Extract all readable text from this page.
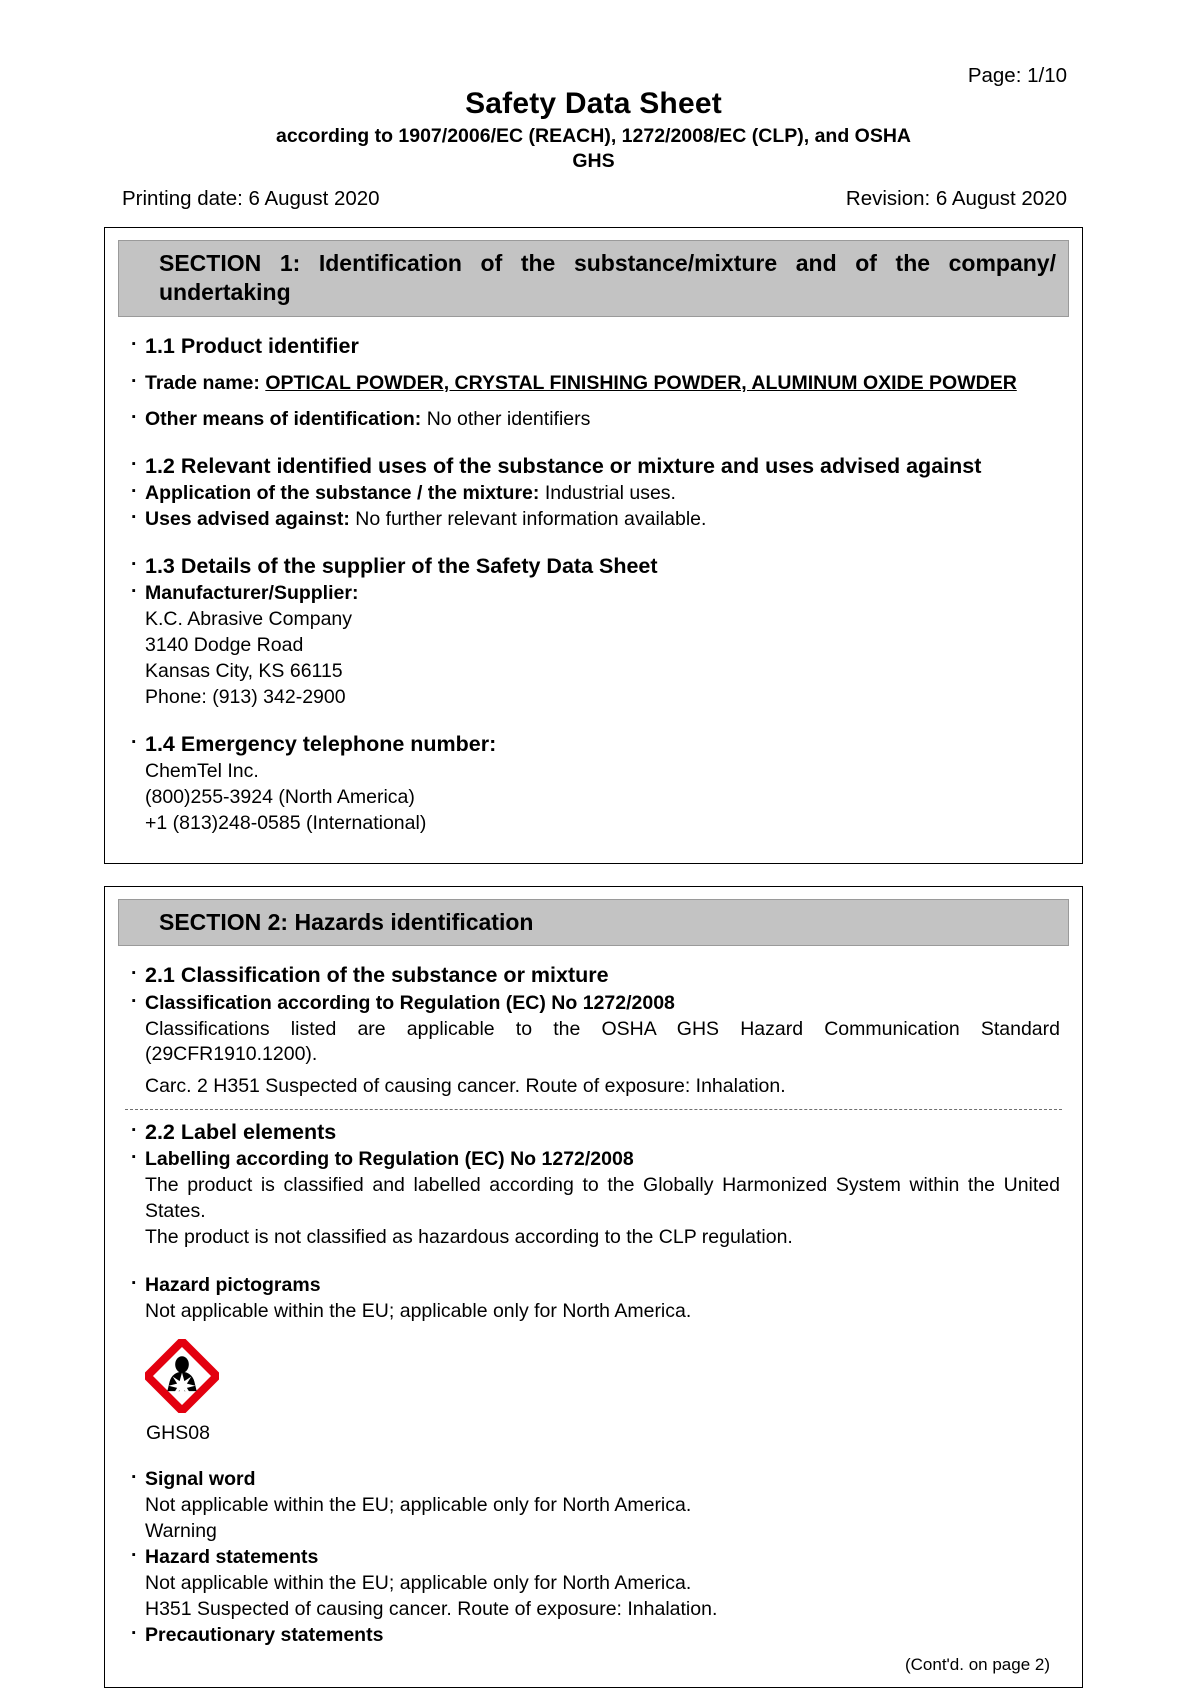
Page: 1/10
Safety Data Sheet
according to 1907/2006/EC (REACH), 1272/2008/EC (CLP), and OSHA
GHS
Printing date: 6 August 2020	Revision: 6 August 2020
SECTION 1: Identification of the substance/mixture and of the company/
undertaking
· 1.1 Product identifier
· Trade name: OPTICAL POWDER, CRYSTAL FINISHING POWDER, ALUMINUM OXIDE POWDER
· Other means of identification: No other identifiers
· 1.2 Relevant identified uses of the substance or mixture and uses advised against
· Application of the substance / the mixture: Industrial uses.
· Uses advised against: No further relevant information available.
· 1.3 Details of the supplier of the Safety Data Sheet
· Manufacturer/Supplier:
K.C. Abrasive Company
3140 Dodge Road
Kansas City, KS 66115
Phone: (913) 342-2900
· 1.4 Emergency telephone number:
ChemTel Inc.
(800)255-3924 (North America)
+1 (813)248-0585 (International)
SECTION 2: Hazards identification
· 2.1 Classification of the substance or mixture
· Classification according to Regulation (EC) No 1272/2008
Classifications listed are applicable to the OSHA GHS Hazard Communication Standard (29CFR1910.1200).
Carc. 2 H351 Suspected of causing cancer. Route of exposure: Inhalation.
· 2.2 Label elements
· Labelling according to Regulation (EC) No 1272/2008
The product is classified and labelled according to the Globally Harmonized System within the United States.
The product is not classified as hazardous according to the CLP regulation.
· Hazard pictograms
Not applicable within the EU; applicable only for North America.
GHS08
· Signal word
Not applicable within the EU; applicable only for North America.
Warning
· Hazard statements
Not applicable within the EU; applicable only for North America.
H351 Suspected of causing cancer. Route of exposure: Inhalation.
· Precautionary statements
(Cont'd. on page 2)
